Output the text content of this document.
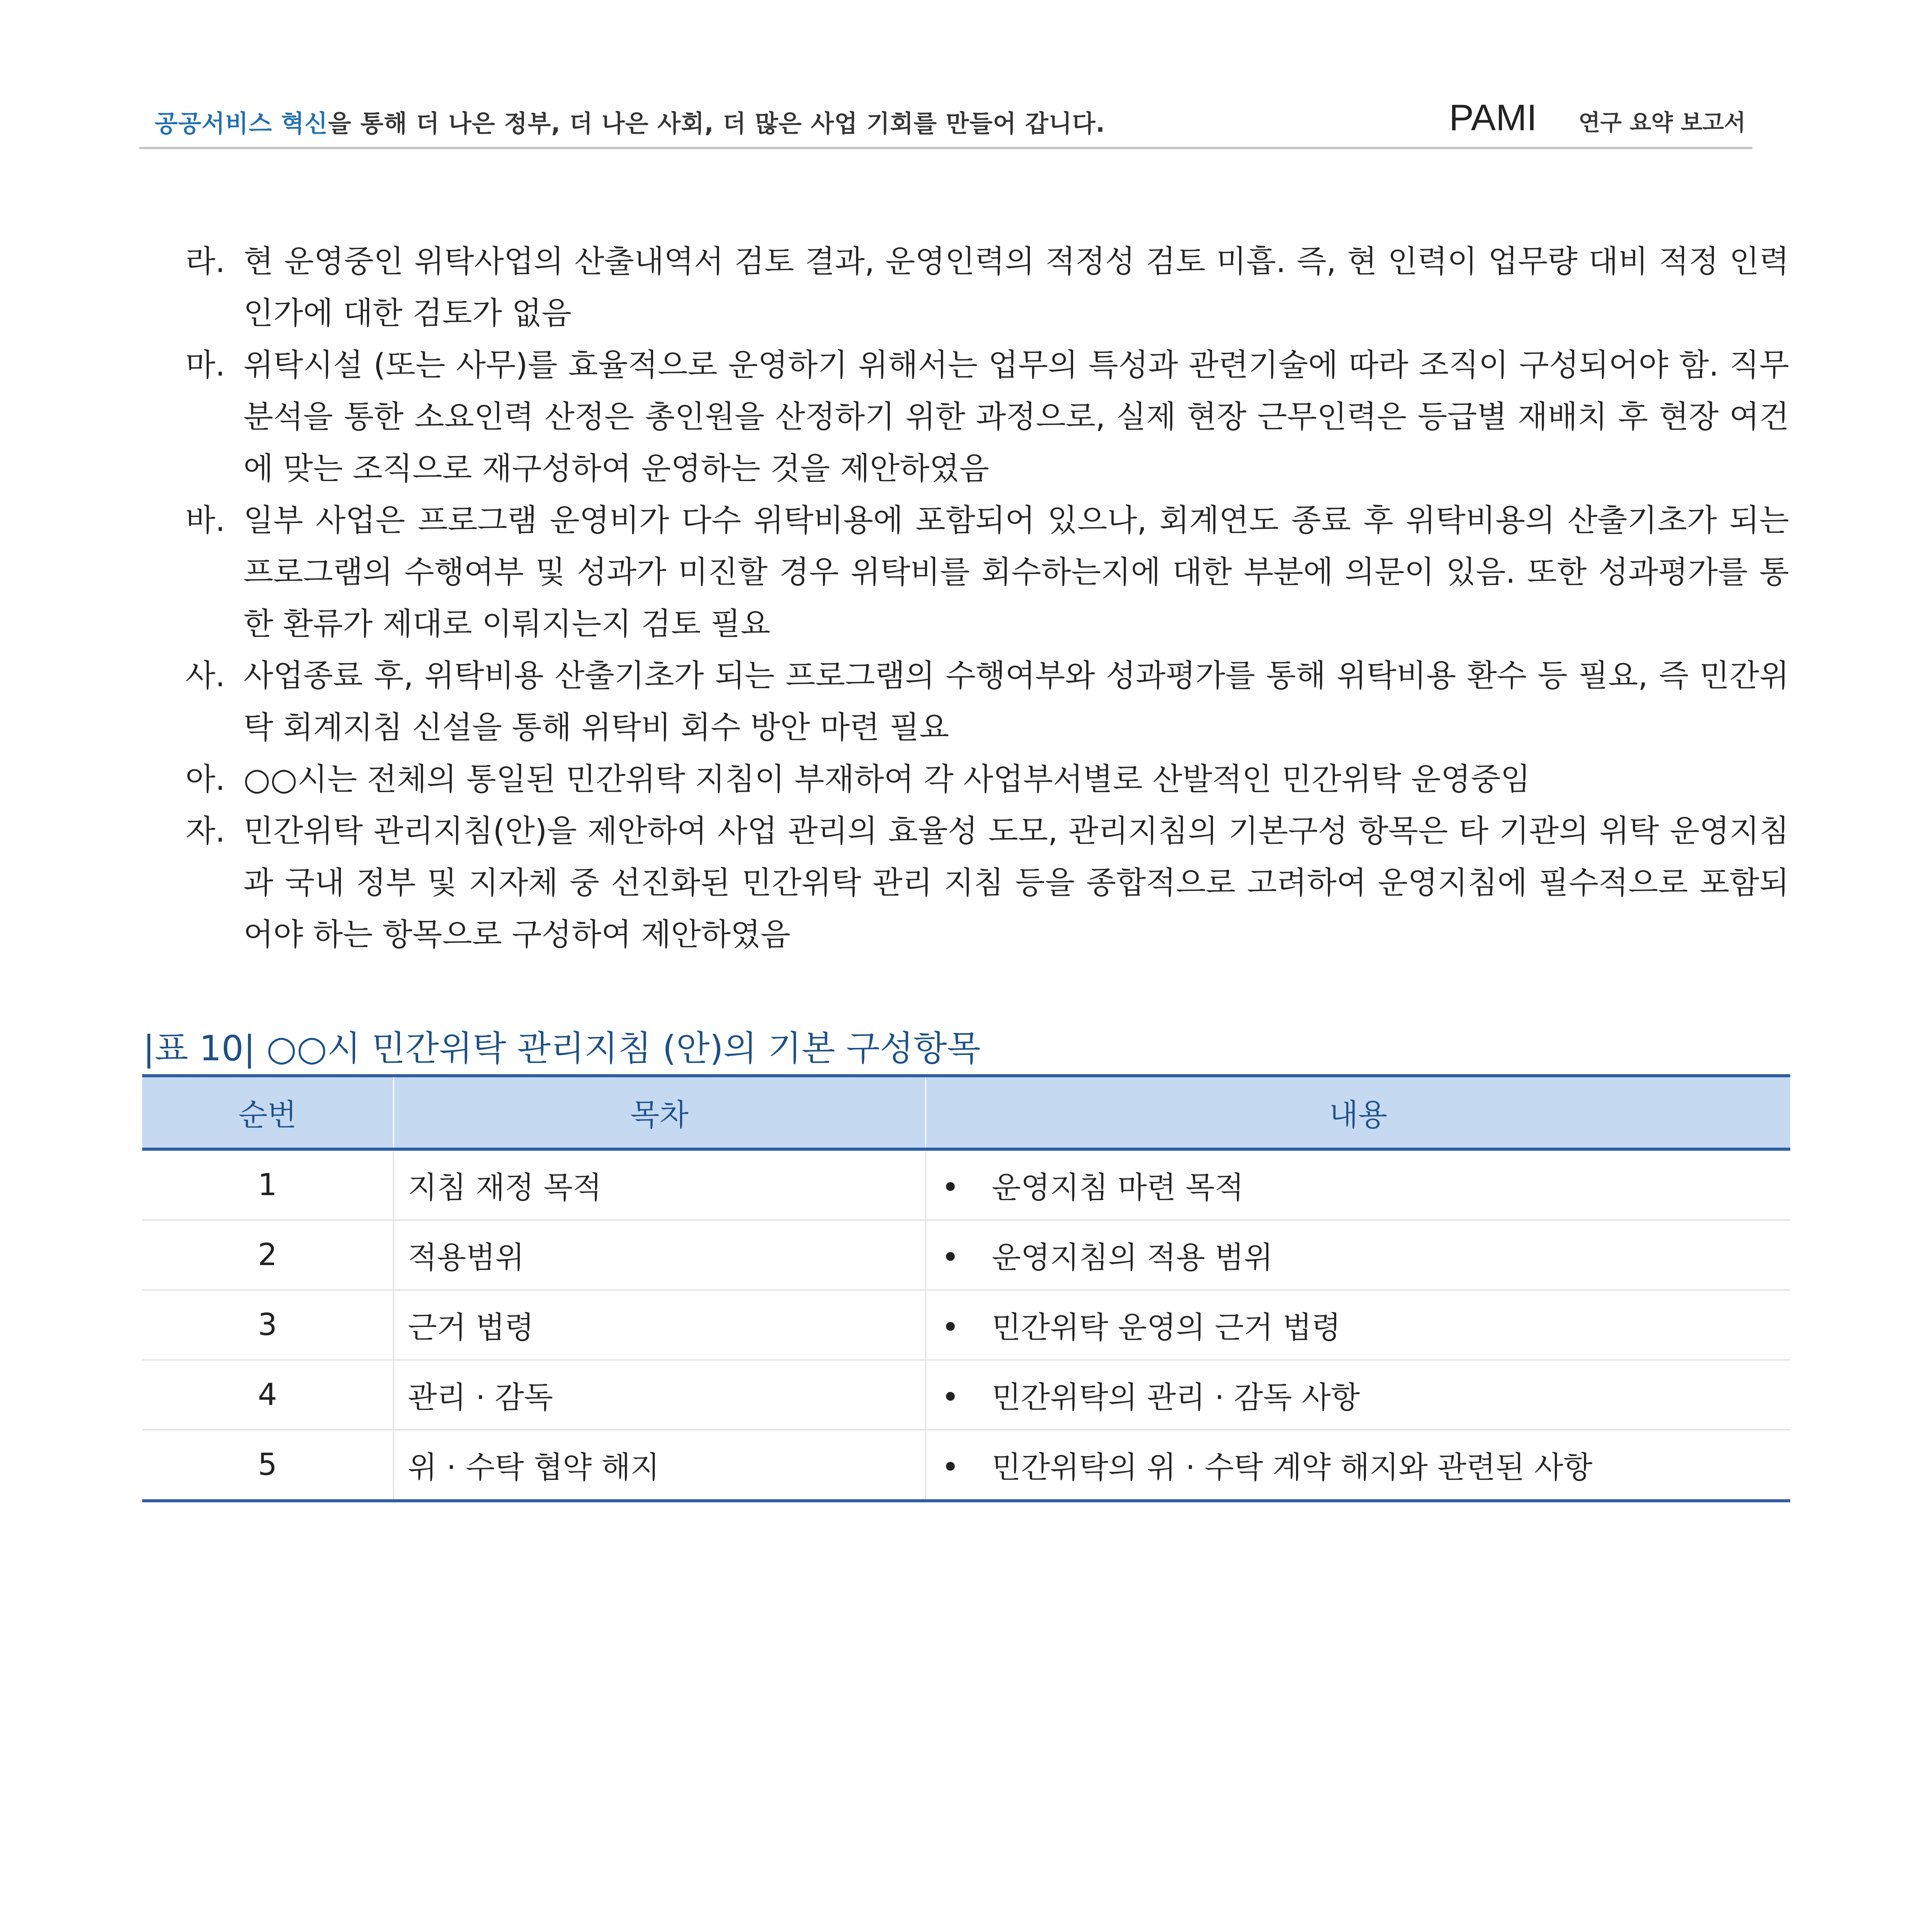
공공서비스 혁신을 통해 더 나은 정부, 더 나은 사회, 더 많은 사업 기회를 만들어 갑니다.	PAMI 연구 요약 보고서
라. 현 운영중인 위탁사업의 산출내역서 검토 결과, 운영인력의 적정성 검토 미흡. 즉, 현 인력이 업무량 대비 적정 인력인가에 대한 검토가 없음
마. 위탁시설 (또는 사무)를 효율적으로 운영하기 위해서는 업무의 특성과 관련기술에 따라 조직이 구성되어야 함. 직무분석을 통한 소요인력 산정은 총인원을 산정하기 위한 과정으로, 실제 현장 근무인력은 등급별 재배치 후 현장 여건에 맞는 조직으로 재구성하여 운영하는 것을 제안하였음
바. 일부 사업은 프로그램 운영비가 다수 위탁비용에 포함되어 있으나, 회계연도 종료 후 위탁비용의 산출기초가 되는 프로그램의 수행여부 및 성과가 미진할 경우 위탁비를 회수하는지에 대한 부분에 의문이 있음. 또한 성과평가를 통한 환류가 제대로 이뤄지는지 검토 필요
사. 사업종료 후, 위탁비용 산출기초가 되는 프로그램의 수행여부와 성과평가를 통해 위탁비용 환수 등 필요, 즉 민간위탁 회계지침 신설을 통해 위탁비 회수 방안 마련 필요
아. ○○시는 전체의 통일된 민간위탁 지침이 부재하여 각 사업부서별로 산발적인 민간위탁 운영중임
자. 민간위탁 관리지침(안)을 제안하여 사업 관리의 효율성 도모, 관리지침의 기본구성 항목은 타 기관의 위탁 운영지침과 국내 정부 및 지자체 중 선진화된 민간위탁 관리 지침 등을 종합적으로 고려하여 운영지침에 필수적으로 포함되어야 하는 항목으로 구성하여 제안하였음
|표 10| ○○시 민간위탁 관리지침 (안)의 기본 구성항목
순번	목차	내용
1	지침 재정 목적	• 운영지침 마련 목적
2	적용범위	• 운영지침의 적용 범위
3	근거 법령	• 민간위탁 운영의 근거 법령
4	관리 · 감독	• 민간위탁의 관리 · 감독 사항
5	위 · 수탁 협약 해지	• 민간위탁의 위 · 수탁 계약 해지와 관련된 사항
